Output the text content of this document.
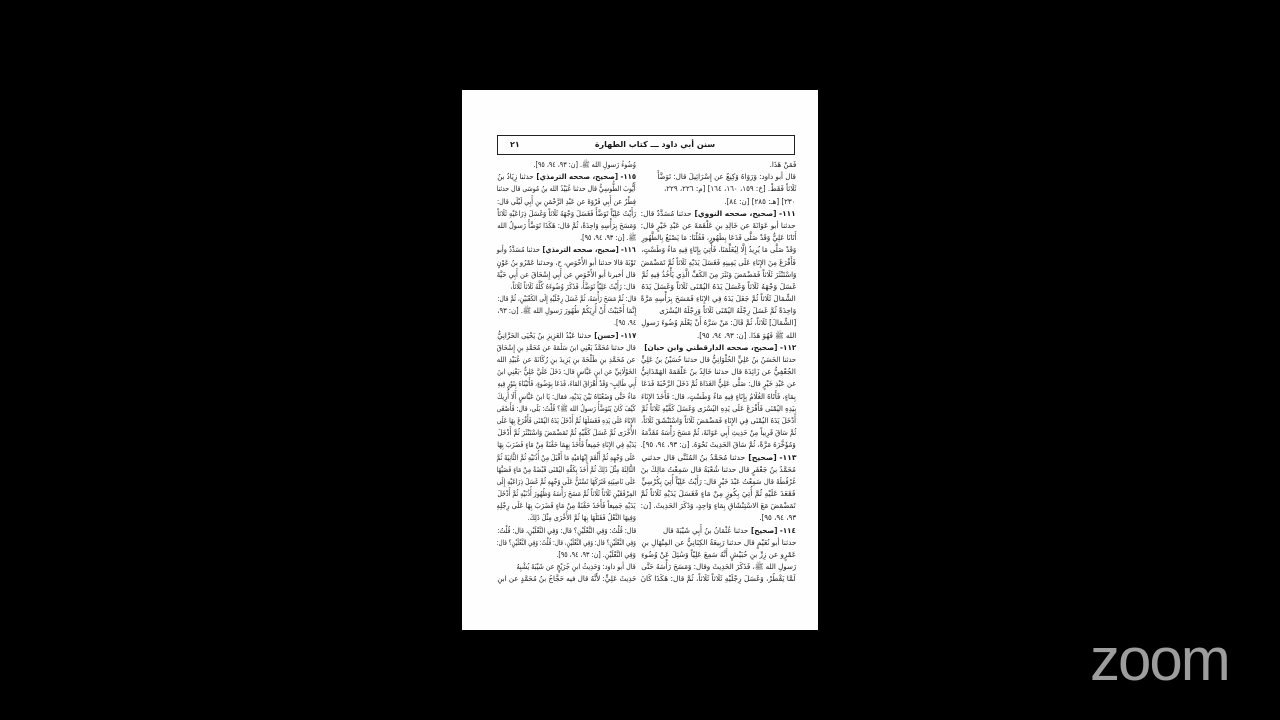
٢١	سنن أبي داود ـــ كتاب الطهارة
فَمَنْ هَذَا.
قال أبو داود: وَرَوَاهُ وَكِيعٌ عن إِسْرَائِيلَ قال: تَوَضَّأَ
ثَلَاثاً فَقَطْ. [خ: ١٥٩، ١٦٠، ١٦٤] [م: ٢٢٦، ٢٢٩،
٢٣٠] [هـ: ٢٨٥] [ن: ٨٤].
١١١- [صحيح، صححه النووي]حدثنا مُسَدَّدٌ قال:
حدثنا أبو عَوَانَةَ عن خَالِدِ بنِ عَلْقَمَةَ عن عَبْدِ خَيْرٍ قال:
أَتَانَا عَلِيٌّ وَقَدْ صَلَّى فَدَعَا بِطَهُورٍ، فَقُلْنَا: مَا يَصْنَعُ بِالطَّهُورِ
وَقَدْ صَلَّى مَا يُرِيدُ إِلَّا لِيُعَلِّمَنَا، فَأُتِيَ بِإِنَاءٍ فِيهِ مَاءٌ وَطَسْتٍ،
فَأَفْرَغَ مِنَ الإِنَاءِ عَلَى يَمِينِهِ فَغَسَلَ يَدَيْهِ ثَلَاثاً ثُمَّ تَمَضْمَضَ
وَاسْتَنْثَرَ ثَلَاثاً فَمَضْمَضَ وَنَثَرَ مِنَ الكَفِّ الَّذِي يَأْخُذُ فِيهِ ثُمَّ
غَسَلَ وَجْهَهُ ثَلَاثاً وَغَسَلَ يَدَهُ اليُمْنَى ثَلَاثاً وَغَسَلَ يَدَهُ
الشِّمَالَ ثَلَاثاً ثُمَّ جَعَلَ يَدَهُ فِي الإِنَاءِ فَمَسَحَ بِرَأْسِهِ مَرَّةً
وَاحِدَةً ثُمَّ غَسَلَ رِجْلَهُ اليُمْنَى ثَلَاثاً وَرِجْلَهُ اليُسْرَى
[الشِّمَالَ] ثَلَاثاً، ثُمَّ قَالَ: مَنْ سَرَّهُ أَنْ يَعْلَمَ وُضُوءَ رَسولِ
الله ﷺ فَهُوَ هَذَا. [ن: ٩٣، ٩٤، ٩٥].
١١٢- [صحيح، صححه الدارقطني وابن حبان]
حدثنا الحَسَنُ بنُ عَلِيٍّ الحُلْوَانِيُّ قال حدثنا حُسَيْنُ بنُ عَلِيٍّ
الجُعْفِيُّ عن زَائِدَةَ قال حدثنا خَالِدُ بنُ عَلْقَمَةَ الهَمْدَانِيُّ
عن عَبْدِ خَيْرٍ قال: صَلَّى عَلِيٌّ الغَدَاةَ ثُمَّ دَخَلَ الرَّحْبَةَ فَدَعَا
بِمَاءٍ، فَأَتَاهُ الغُلَامُ بِإِنَاءٍ فِيهِ مَاءٌ وَطَسْتٍ، قال: فَأَخَذَ الإِنَاءَ
بِيَدِهِ اليُمْنَى فَأَفْرَغَ عَلَى يَدِهِ اليُسْرَى وَغَسَلَ كَفَّيْهِ ثَلَاثاً ثُمَّ
أَدْخَلَ يَدَهُ اليُمْنَى فِي الإِنَاءِ فَمَضْمَضَ ثَلَاثاً وَاسْتَنْشَقَ ثَلَاثاً،
ثُمَّ سَاقَ قَرِيباً مِنْ حَدِيثِ أَبِي عَوَانَةَ، ثُمَّ مَسَحَ رَأْسَهُ مُقَدَّمَهُ
وَمُؤَخَّرَهُ مَرَّةً، ثُمَّ سَاقَ الحَدِيثَ نَحْوَهُ. [ن: ٩٣، ٩٤، ٩٥].
١١٣- [صحيح]حدثنا مُحَمَّدُ بنُ المُثَنَّى قال حدثني
مُحَمَّدُ بنُ جَعْفَرٍ قال حدثنا شُعْبَةُ قال سَمِعْتُ مَالِكَ بنَ
عُرْفُطَةَ قال سَمِعْتُ عَبْدَ خَيْرٍ قال: رَأَيْتُ عَلِيّاً أُتِيَ بِكُرْسِيٍّ
فَقَعَدَ عَلَيْهِ ثُمَّ أُتِيَ بِكُوزٍ مِنْ مَاءٍ فَغَسَلَ يَدَيْهِ ثَلَاثاً ثُمَّ
تَمَضْمَضَ مَعَ الاسْتِنْشَاقِ بِمَاءٍ وَاحِدٍ، وَذَكَرَ الحَدِيثَ. [ن:
٩٣، ٩٤، ٩٥].
١١٤- [صحيح]حدثنا عُثْمَانُ بنُ أَبِي شَيْبَةَ قال
حدثنا أبو نُعَيْمٍ قال حدثنا رَبِيعَةُ الكِنَانِيُّ عن المِنْهَالِ بنِ
عَمْرٍو عن زِرِّ بنِ حُبَيْشٍ أَنَّهُ سَمِعَ عَلِيّاً وَسُئِلَ عَنْ وُضُوءِ
رَسولِ الله ﷺ، فَذَكَرَ الحَدِيثَ وقال: وَمَسَحَ رَأْسَهُ حَتَّى
لَمَّا يَقْطُرْ، وَغَسَلَ رِجْلَيْهِ ثَلَاثاً ثَلَاثاً، ثُمَّ قال: هَكَذَا كَانَ
وُضُوءُ رَسولِ الله ﷺ. [ن: ٩٣، ٩٤، ٩٥].
١١٥- [صحيح، صححه الترمذي]حدثنا زِيَادُ بنُ
أَيُّوبَ الطُّوسِيُّ قال حدثنا عُبَيْدُ الله بنُ مُوسَى قال حدثنا
فِطْرٌ عن أَبِي فَرْوَةَ عن عَبْدِ الرَّحْمَنِ بنِ أَبِي لَيْلَى قال:
رَأَيْتُ عَلِيّاً تَوَضَّأَ فَغَسَلَ وَجْهَهُ ثَلَاثاً وَغَسَلَ ذِرَاعَيْهِ ثَلَاثاً
وَمَسَحَ بِرَأْسِهِ وَاحِدَةً، ثُمَّ قال: هَكَذَا تَوَضَّأَ رَسولُ الله
ﷺ. [ن: ٩٣، ٩٤، ٩٥].
١١٦- [صحيح، صححه الترمذي]حدثنا مُسَدَّدٌ وأبو
تَوْبَةَ قالا حدثنا أبو الأَحْوَصِ، ح، وحدثنا عَمْرُو بنُ عَوْنٍ
قال أخبرنا أبو الأَحْوَصِ عن أَبِي إِسْحَاقَ عن أَبِي حَيَّةَ
قال: رَأَيْتُ عَلِيّاً تَوَضَّأَ، فَذَكَرَ وُضُوءَهُ كُلَّهُ ثَلَاثاً ثَلَاثاً،
قال: ثُمَّ مَسَحَ رَأْسَهُ، ثُمَّ غَسَلَ رِجْلَيْهِ إِلَى الكَعْبَيْنِ، ثُمَّ قال:
إِنَّمَا أَحْبَبْتُ أَنْ أُرِيَكُمْ طُهُورَ رَسولِ الله ﷺ. [ن: ٩٣،
٩٤، ٩٥].
١١٧- [حسن]حدثنا عَبْدُ العَزِيزِ بنُ يَحْيَى الحَرَّانِيُّ
قال حدثنا مُحَمَّدٌ يَعْنِي ابنَ سَلَمَةَ عن مُحَمَّدِ بنِ إِسْحَاقَ
عن مُحَمَّدِ بنِ طَلْحَةَ بنِ يَزِيدَ بنِ رُكَانَةَ عن عُبَيْدِ الله
الخَوْلَانِيِّ عن ابنِ عَبَّاسٍ قال: دَخَلَ عَلَيَّ عَلِيٌّ -يَعْنِي ابنَ
أَبِي طَالِبٍ- وَقَدْ أَهْرَاقَ المَاءَ، فَدَعَا بِوَضُوءٍ، فَأَتَيْنَاهُ بِتَوْرٍ فِيهِ
مَاءٌ حَتَّى وَضَعْنَاهُ بَيْنَ يَدَيْهِ، فقال: يَا ابنَ عَبَّاسٍ أَلَا أُرِيكَ
كَيْفَ كَانَ يَتَوَضَّأُ رَسولُ الله ﷺ؟ قُلْتُ: بَلَى، قال: فَأَصْغَى
الإِنَاءَ عَلَى يَدِهِ فَغَسَلَهَا ثُمَّ أَدْخَلَ يَدَهُ اليُمْنَى فَأَفْرَغَ بِهَا عَلَى
الأُخْرَى ثُمَّ غَسَلَ كَفَّيْهِ ثُمَّ تَمَضْمَضَ وَاسْتَنْثَرَ ثُمَّ أَدْخَلَ
يَدَيْهِ فِي الإِنَاءِ جَمِيعاً فَأَخَذَ بِهِمَا حَفْنَةً مِنْ مَاءٍ فَضَرَبَ بِهَا
عَلَى وَجْهِهِ ثُمَّ أَلْقَمَ إِبْهَامَيْهِ مَا أَقْبَلَ مِنْ أُذُنَيْهِ ثُمَّ الثَّانِيَةَ ثُمَّ
الثَّالِثَةَ مِثْلَ ذَلِكَ ثُمَّ أَخَذَ بِكَفِّهِ اليُمْنَى قَبْضَةً مِنْ مَاءٍ فَصَبَّهَا
عَلَى نَاصِيَتِهِ فَتَرَكَهَا تَسْتَنُّ عَلَى وَجْهِهِ ثُمَّ غَسَلَ ذِرَاعَيْهِ إِلَى
المِرْفَقَيْنِ ثَلَاثاً ثَلَاثاً ثُمَّ مَسَحَ رَأْسَهُ وَظُهُورَ أُذُنَيْهِ ثُمَّ أَدْخَلَ
يَدَيْهِ جَمِيعاً فَأَخَذَ حَفْنَةً مِنْ مَاءٍ فَضَرَبَ بِهَا عَلَى رِجْلِهِ
وَفِيهَا النَّعْلُ فَفَتَلَهَا بِهَا ثُمَّ الأُخْرَى مِثْلَ ذَلِكَ.
قال: قُلْتُ: وَفِي النَّعْلَيْنِ؟ قال: وَفِي النَّعْلَيْنِ، قال: قُلْتُ:
وَفِي النَّعْلَيْنِ؟ قال: وَفِي النَّعْلَيْنِ، قال: قُلْتُ: وَفِي النَّعْلَيْنِ؟ قال:
وَفِي النَّعْلَيْنِ. [ن: ٩٣، ٩٤، ٩٥].
قال أبو داود: وَحَدِيثُ ابنِ جُرَيْجٍ عن شَيْبَةَ يُشْبِهُ
حَدِيثَ عَلِيٍّ: لأَنَّهُ قال فيه حَجَّاجُ بنُ مُحَمَّدٍ عن ابنِ
zoom
